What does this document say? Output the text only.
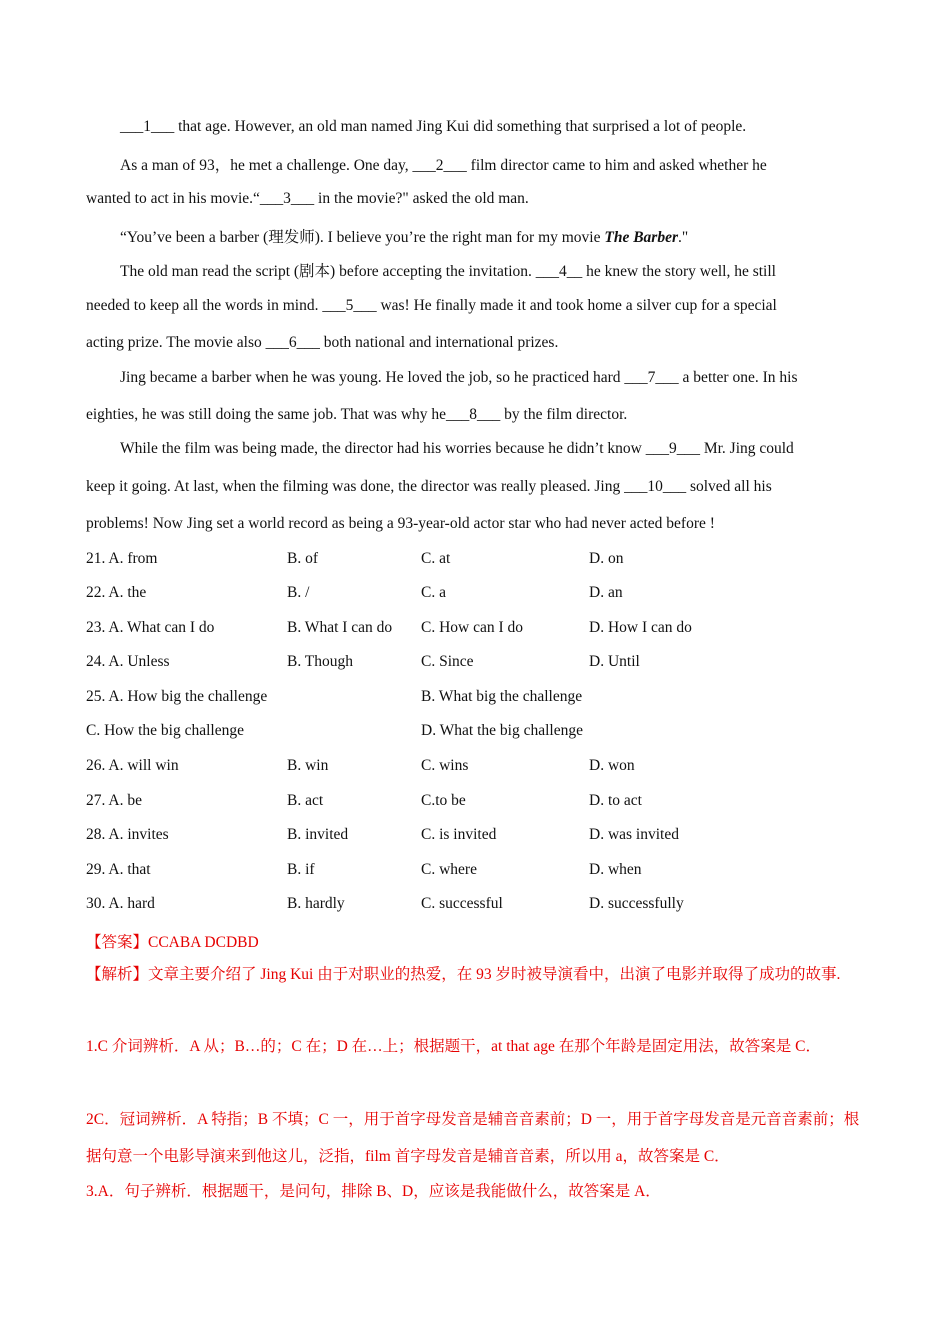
___1___ that age. However, an old man named Jing Kui did something that surprised a lot of people.
As a man of 93，he met a challenge. One day, ___2___ film director came to him and asked whether he
wanted to act in his movie.“___3___ in the movie?" asked the old man.
“You’ve been a barber (理发师). I believe you’re the right man for my movie The Barber."
The old man read the script (剧本) before accepting the invitation. ___4__ he knew the story well, he still
needed to keep all the words in mind. ___5___ was! He finally made it and took home a silver cup for a special
acting prize. The movie also ___6___ both national and international prizes.
Jing became a barber when he was young. He loved the job, so he practiced hard ___7___ a better one. In his
eighties, he was still doing the same job. That was why he___8___ by the film director.
While the film was being made, the director had his worries because he didn’t know ___9___ Mr. Jing could
keep it going. At last, when the filming was done, the director was really pleased. Jing ___10___ solved all his
problems! Now Jing set a world record as being a 93-year-old actor star who had never acted before !
21. A. from	B. of	C. at	D. on
22. A. the	B. /	C. a	D. an
23. A. What can I do	B. What I can do C. How can I do	D. How I can do
24. A. Unless	B. Though	C. Since	D. Until
25. A. How big the challenge	B. What big the challenge
C. How the big challenge	D. What the big challenge
26. A. will win	B. win	C. wins	D. won
27. A. be	B. act	C.to be	D. to act
28. A. invites	B. invited	C. is invited	D. was invited
29. A. that	B. if	C. where	D. when
30. A. hard	B. hardly	C. successful	D. successfully
【答案】CCABA DCDBD
【解析】文章主要介绍了 Jing Kui 由于对职业的热爱，在 93 岁时被导演看中，出演了电影并取得了成功的故事.
1.C 介词辨析．A 从；B…的；C 在；D 在…上；根据题干，at that age 在那个年龄是固定用法，故答案是 C．
2C．冠词辨析．A 特指；B 不填；C 一，用于首字母发音是辅音音素前；D 一，用于首字母发音是元音音素前；根据句意一个电影导演来到他这儿，泛指，film 首字母发音是辅音音素，所以用 a，故答案是 C．
3.A．句子辨析．根据题干，是问句，排除 B、D，应该是我能做什么，故答案是 A．
